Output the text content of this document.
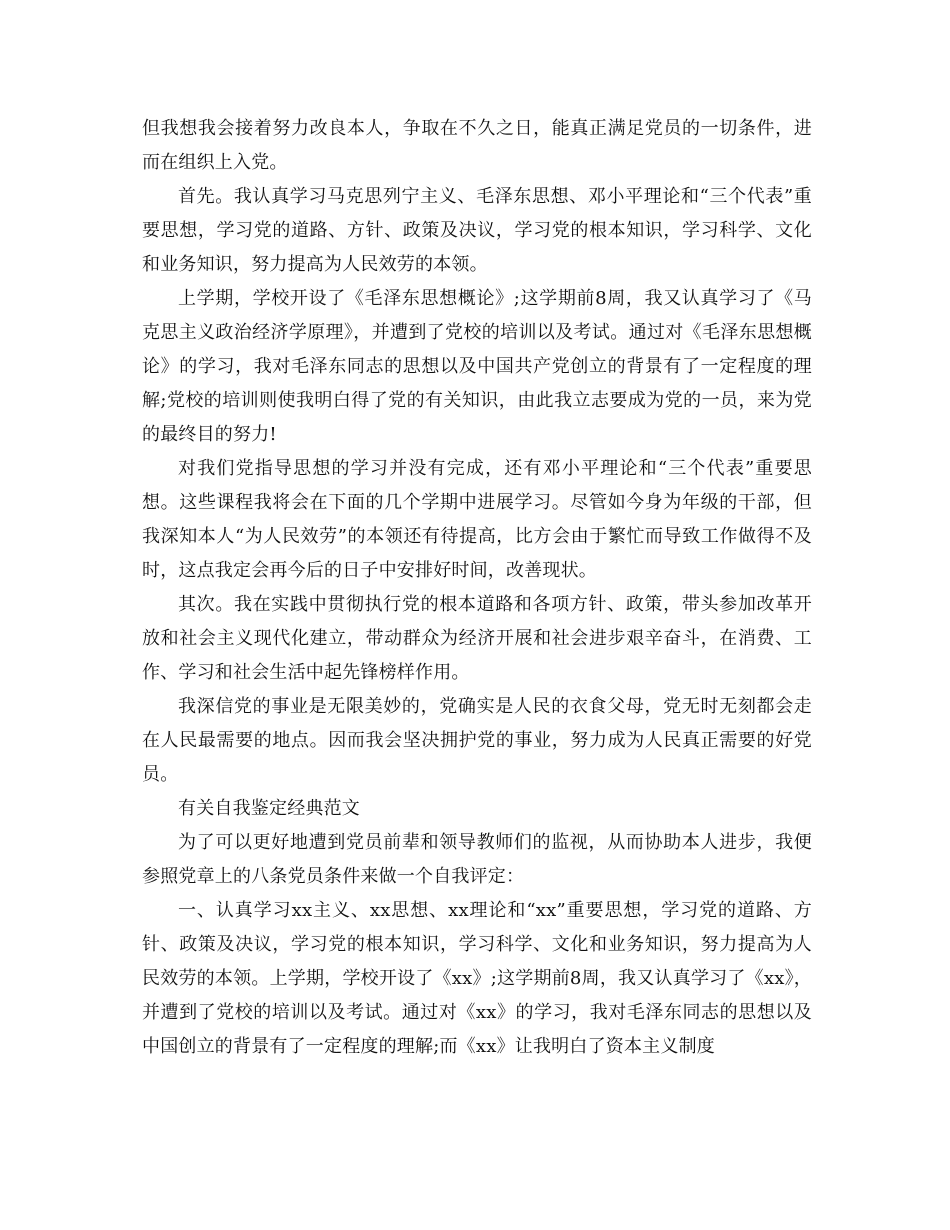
但我想我会接着努力改良本人，争取在不久之日，能真正满足党员的一切条件，进而在组织上入党。

首先。我认真学习马克思列宁主义、毛泽东思想、邓小平理论和“三个代表”重要思想，学习党的道路、方针、政策及决议，学习党的根本知识，学习科学、文化和业务知识，努力提高为人民效劳的本领。

上学期，学校开设了《毛泽东思想概论》;这学期前8周，我又认真学习了《马克思主义政治经济学原理》，并遭到了党校的培训以及考试。通过对《毛泽东思想概论》的学习，我对毛泽东同志的思想以及中国共产党创立的背景有了一定程度的理解;党校的培训则使我明白得了党的有关知识，由此我立志要成为党的一员，来为党的最终目的努力!

对我们党指导思想的学习并没有完成，还有邓小平理论和“三个代表”重要思想。这些课程我将会在下面的几个学期中进展学习。尽管如今身为年级的干部，但我深知本人“为人民效劳”的本领还有待提高，比方会由于繁忙而导致工作做得不及时，这点我定会再今后的日子中安排好时间，改善现状。

其次。我在实践中贯彻执行党的根本道路和各项方针、政策，带头参加改革开放和社会主义现代化建立，带动群众为经济开展和社会进步艰辛奋斗，在消费、工作、学习和社会生活中起先锋榜样作用。

我深信党的事业是无限美妙的，党确实是人民的衣食父母，党无时无刻都会走在人民最需要的地点。因而我会坚决拥护党的事业，努力成为人民真正需要的好党员。

有关自我鉴定经典范文

为了可以更好地遭到党员前辈和领导教师们的监视，从而协助本人进步，我便参照党章上的八条党员条件来做一个自我评定：

一、认真学习xx主义、xx思想、xx理论和“xx”重要思想，学习党的道路、方针、政策及决议，学习党的根本知识，学习科学、文化和业务知识，努力提高为人民效劳的本领。上学期，学校开设了《xx》;这学期前8周，我又认真学习了《xx》，并遭到了党校的培训以及考试。通过对《xx》的学习，我对毛泽东同志的思想以及中国创立的背景有了一定程度的理解;而《xx》让我明白了资本主义制度
